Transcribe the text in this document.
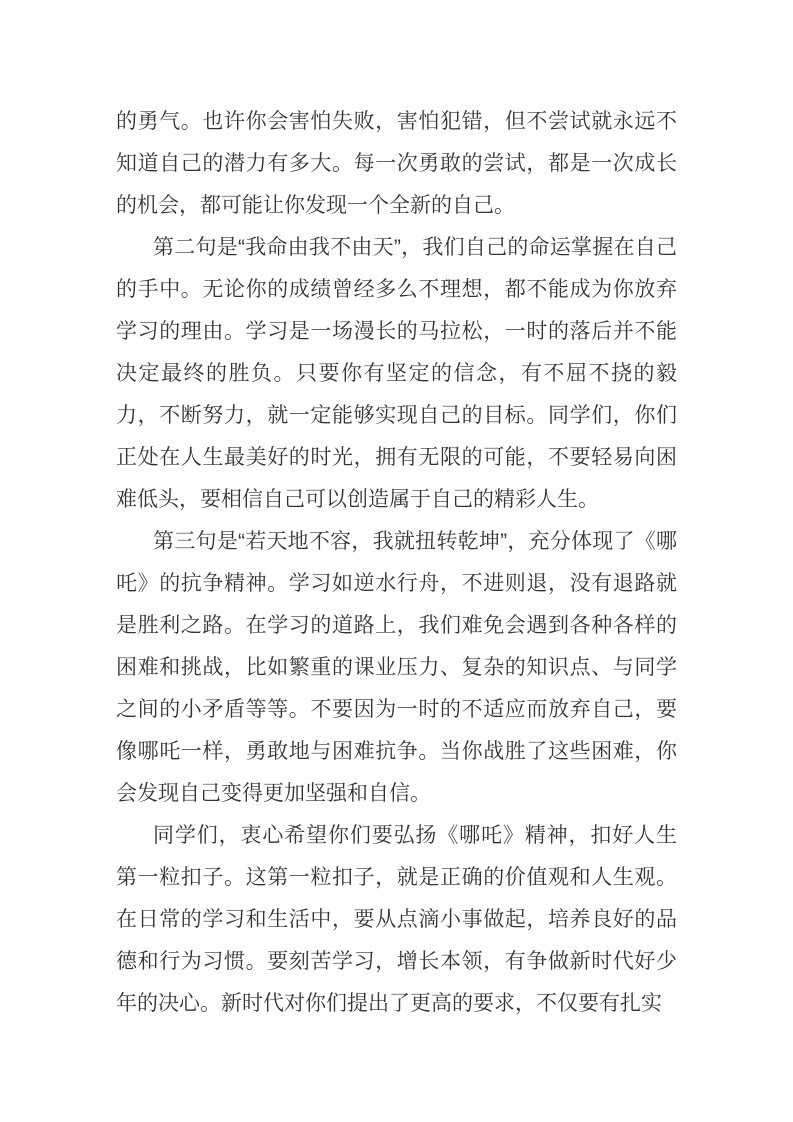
的勇气。也许你会害怕失败，害怕犯错，但不尝试就永远不知道自己的潜力有多大。每一次勇敢的尝试，都是一次成长的机会，都可能让你发现一个全新的自己。

第二句是“我命由我不由天”，我们自己的命运掌握在自己的手中。无论你的成绩曾经多么不理想，都不能成为你放弃学习的理由。学习是一场漫长的马拉松，一时的落后并不能决定最终的胜负。只要你有坚定的信念，有不屈不挠的毅力，不断努力，就一定能够实现自己的目标。同学们，你们正处在人生最美好的时光，拥有无限的可能，不要轻易向困难低头，要相信自己可以创造属于自己的精彩人生。

第三句是“若天地不容，我就扭转乾坤”，充分体现了《哪吒》的抗争精神。学习如逆水行舟，不进则退，没有退路就是胜利之路。在学习的道路上，我们难免会遇到各种各样的困难和挑战，比如繁重的课业压力、复杂的知识点、与同学之间的小矛盾等等。不要因为一时的不适应而放弃自己，要像哪吒一样，勇敢地与困难抗争。当你战胜了这些困难，你会发现自己变得更加坚强和自信。

同学们，衷心希望你们要弘扬《哪吒》精神，扣好人生第一粒扣子。这第一粒扣子，就是正确的价值观和人生观。在日常的学习和生活中，要从点滴小事做起，培养良好的品德和行为习惯。要刻苦学习，增长本领，有争做新时代好少年的决心。新时代对你们提出了更高的要求，不仅要有扎实
